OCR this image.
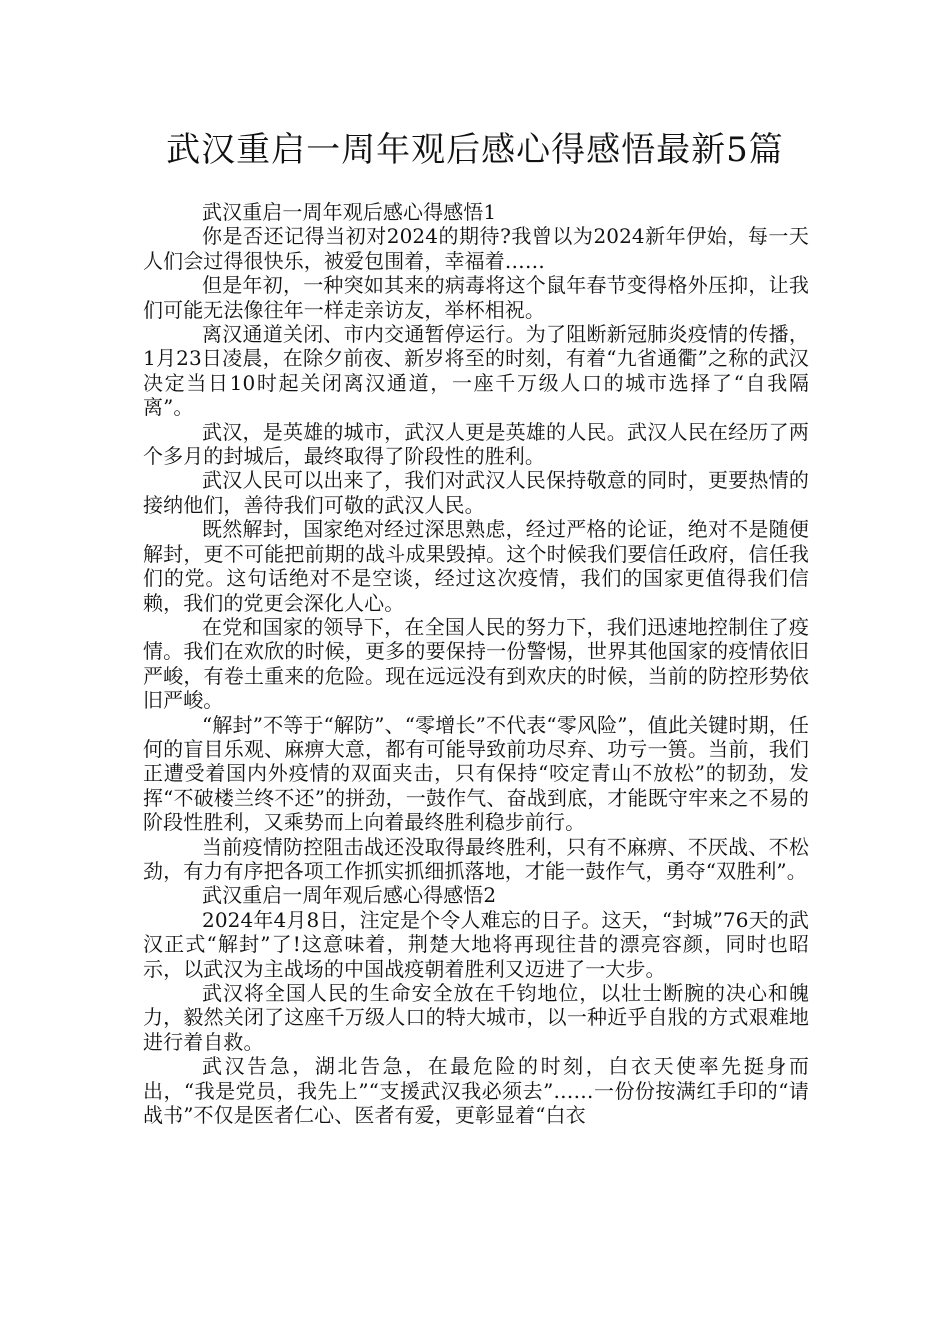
武汉重启一周年观后感心得感悟最新5篇

武汉重启一周年观后感心得感悟1

你是否还记得当初对2024的期待?我曾以为2024新年伊始，每一天人们会过得很快乐，被爱包围着，幸福着……

但是年初，一种突如其来的病毒将这个鼠年春节变得格外压抑，让我们可能无法像往年一样走亲访友，举杯相祝。

离汉通道关闭、市内交通暂停运行。为了阻断新冠肺炎疫情的传播，1月23日凌晨，在除夕前夜、新岁将至的时刻，有着“九省通衢”之称的武汉决定当日10时起关闭离汉通道，一座千万级人口的城市选择了“自我隔离”。

武汉，是英雄的城市，武汉人更是英雄的人民。武汉人民在经历了两个多月的封城后，最终取得了阶段性的胜利。

武汉人民可以出来了，我们对武汉人民保持敬意的同时，更要热情的接纳他们，善待我们可敬的武汉人民。

既然解封，国家绝对经过深思熟虑，经过严格的论证，绝对不是随便解封，更不可能把前期的战斗成果毁掉。这个时候我们要信任政府，信任我们的党。这句话绝对不是空谈，经过这次疫情，我们的国家更值得我们信赖，我们的党更会深化人心。

在党和国家的领导下，在全国人民的努力下，我们迅速地控制住了疫情。我们在欢欣的时候，更多的要保持一份警惕，世界其他国家的疫情依旧严峻，有卷土重来的危险。现在远远没有到欢庆的时候，当前的防控形势依旧严峻。

“解封”不等于“解防”、“零增长”不代表“零风险”，值此关键时期，任何的盲目乐观、麻痹大意，都有可能导致前功尽弃、功亏一篑。当前，我们正遭受着国内外疫情的双面夹击，只有保持“咬定青山不放松”的韧劲，发挥“不破楼兰终不还”的拼劲，一鼓作气、奋战到底，才能既守牢来之不易的阶段性胜利，又乘势而上向着最终胜利稳步前行。

当前疫情防控阻击战还没取得最终胜利，只有不麻痹、不厌战、不松劲，有力有序把各项工作抓实抓细抓落地，才能一鼓作气，勇夺“双胜利”。

武汉重启一周年观后感心得感悟2

2024年4月8日，注定是个令人难忘的日子。这天，“封城”76天的武汉正式“解封”了!这意味着，荆楚大地将再现往昔的漂亮容颜，同时也昭示，以武汉为主战场的中国战疫朝着胜利又迈进了一大步。

武汉将全国人民的生命安全放在千钧地位，以壮士断腕的决心和魄力，毅然关闭了这座千万级人口的特大城市，以一种近乎自戕的方式艰难地进行着自救。

武汉告急，湖北告急，在最危险的时刻，白衣天使率先挺身而出，“我是党员，我先上”“支援武汉我必须去”……一份份按满红手印的“请战书”不仅是医者仁心、医者有爱，更彰显着“白衣
